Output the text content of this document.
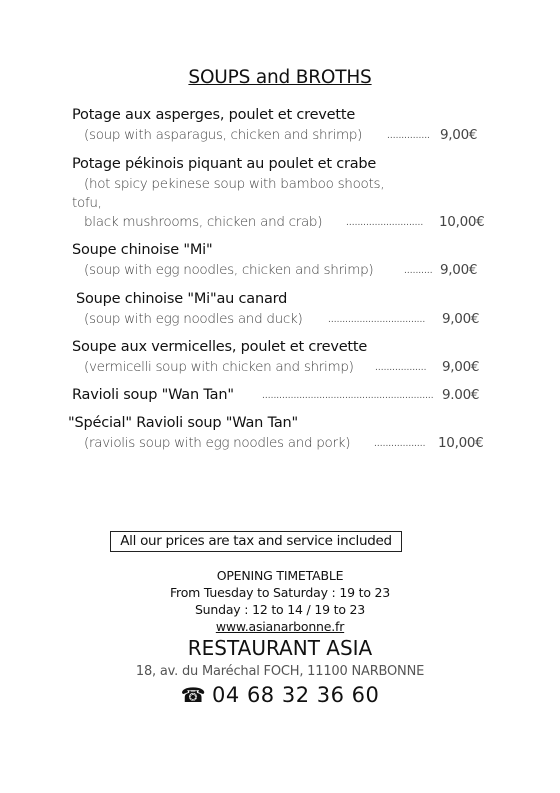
SOUPS and BROTHS
Potage aux asperges, poulet et crevette
(soup with asparagus, chicken and shrimp)	............... 9,00€
Potage pékinois piquant au poulet et crabe
(hot spicy pekinese soup with bamboo shoots,
tofu,
black mushrooms, chicken and crab)	........................... 10,00€
Soupe chinoise "Mi"
(soup with egg noodles, chicken and shrimp)	.......... 9,00€
Soupe chinoise "Mi"au canard
(soup with egg noodles and duck)	.................................. 9,00€
Soupe aux vermicelles, poulet et crevette
(vermicelli soup with chicken and shrimp) .................. 9,00€
Ravioli soup "Wan Tan"	............................................................ 9.00€
"Spécial" Ravioli soup "Wan Tan"
(raviolis soup with egg noodles and pork)	.................. 10,00€
All our prices are tax and service included
OPENING TIMETABLE
From Tuesday to Saturday : 19 to 23
Sunday : 12 to 14 / 19 to 23
www.asianarbonne.fr
RESTAURANT ASIA
18, av. du Maréchal FOCH, 11100 NARBONNE
☎ 04 68 32 36 60
